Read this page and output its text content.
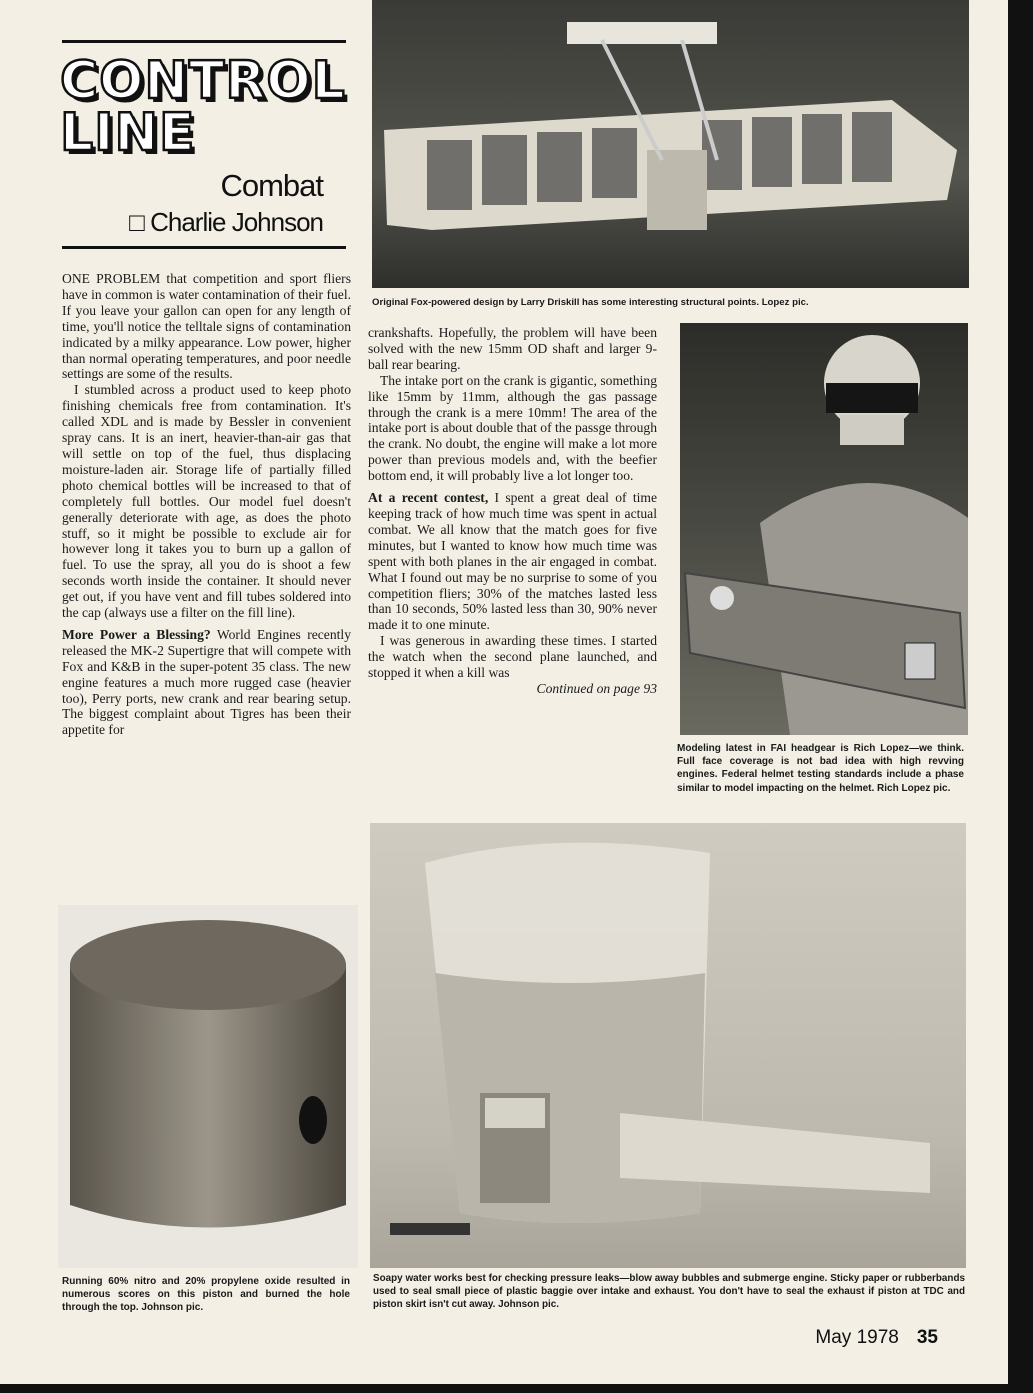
CONTROL
LINE
Combat
□ Charlie Johnson

ONE PROBLEM that competition and sport fliers have in common is water contamination of their fuel. If you leave your gallon can open for any length of time, you'll notice the telltale signs of contamination indicated by a milky appearance. Low power, higher than normal operating temperatures, and poor needle settings are some of the results.

I stumbled across a product used to keep photo finishing chemicals free from contamination. It's called XDL and is made by Bessler in convenient spray cans. It is an inert, heavier-than-air gas that will settle on top of the fuel, thus displacing moisture-laden air. Storage life of partially filled photo chemical bottles will be increased to that of completely full bottles. Our model fuel doesn't generally deteriorate with age, as does the photo stuff, so it might be possible to exclude air for however long it takes you to burn up a gallon of fuel. To use the spray, all you do is shoot a few seconds worth inside the container. It should never get out, if you have vent and fill tubes soldered into the cap (always use a filter on the fill line).

More Power a Blessing? World Engines recently released the MK-2 Supertigre that will compete with Fox and K&B in the super-potent 35 class. The new engine features a much more rugged case (heavier too), Perry ports, new crank and rear bearing setup. The biggest complaint about Tigres has been their appetite for

Original Fox-powered design by Larry Driskill has some interesting structural points. Lopez pic.

crankshafts. Hopefully, the problem will have been solved with the new 15mm OD shaft and larger 9-ball rear bearing.

The intake port on the crank is gigantic, something like 15mm by 11mm, although the gas passage through the crank is a mere 10mm! The area of the intake port is about double that of the passge through the crank. No doubt, the engine will make a lot more power than previous models and, with the beefier bottom end, it will probably live a lot longer too.

At a recent contest, I spent a great deal of time keeping track of how much time was spent in actual combat. We all know that the match goes for five minutes, but I wanted to know how much time was spent with both planes in the air engaged in combat. What I found out may be no surprise to some of you competition fliers; 30% of the matches lasted less than 10 seconds, 50% lasted less than 30, 90% never made it to one minute.

I was generous in awarding these times. I started the watch when the second plane launched, and stopped it when a kill was

Continued on page 93
Modeling latest in FAI headgear is Rich Lopez—we think. Full face coverage is not bad idea with high revving engines. Federal helmet testing standards include a phase similar to model impacting on the helmet. Rich Lopez pic.
Running 60% nitro and 20% propylene oxide resulted in numerous scores on this piston and burned the hole through the top. Johnson pic.
Soapy water works best for checking pressure leaks—blow away bubbles and submerge engine. Sticky paper or rubberbands used to seal small piece of plastic baggie over intake and exhaust. You don't have to seal the exhaust if piston at TDC and piston skirt isn't cut away. Johnson pic.
May 1978 35
